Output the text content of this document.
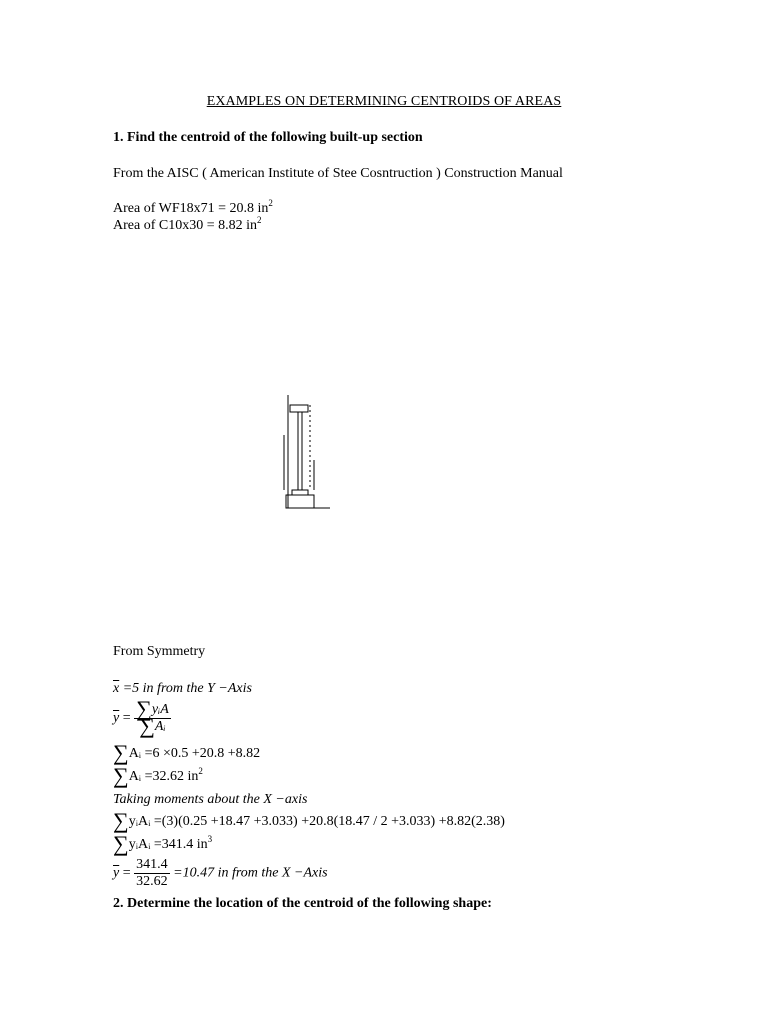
EXAMPLES ON DETERMINING CENTROIDS OF AREAS
1. Find the centroid of the following built-up section
From the AISC ( American Institute of Stee Cosntruction ) Construction Manual
Area of WF18x71 = 20.8 $in^2$
Area of C10x30 = 8.82 $in^2$
From Symmetry
$\overline{x} =5$ in from the Y −Axis
$\overline{y} = \frac{\text{∑yᵢA}}{\text{∑Aᵢ}}$
∑Aᵢ =6 ×0.5 +20.8 +8.82
∑Aᵢ =32.62 $in^2$
Taking moments about the X −axis
∑yᵢAᵢ =(3)(0.25 +18.47 +3.033) +20.8(18.47 / 2 +3.033) +8.82(2.38)
∑yᵢAᵢ =341.4 $in^3$
$\overline{y} = \frac{341.4}{32.62} =10.47$ in from the X −Axis
2. Determine the location of the centroid of the following shape:
